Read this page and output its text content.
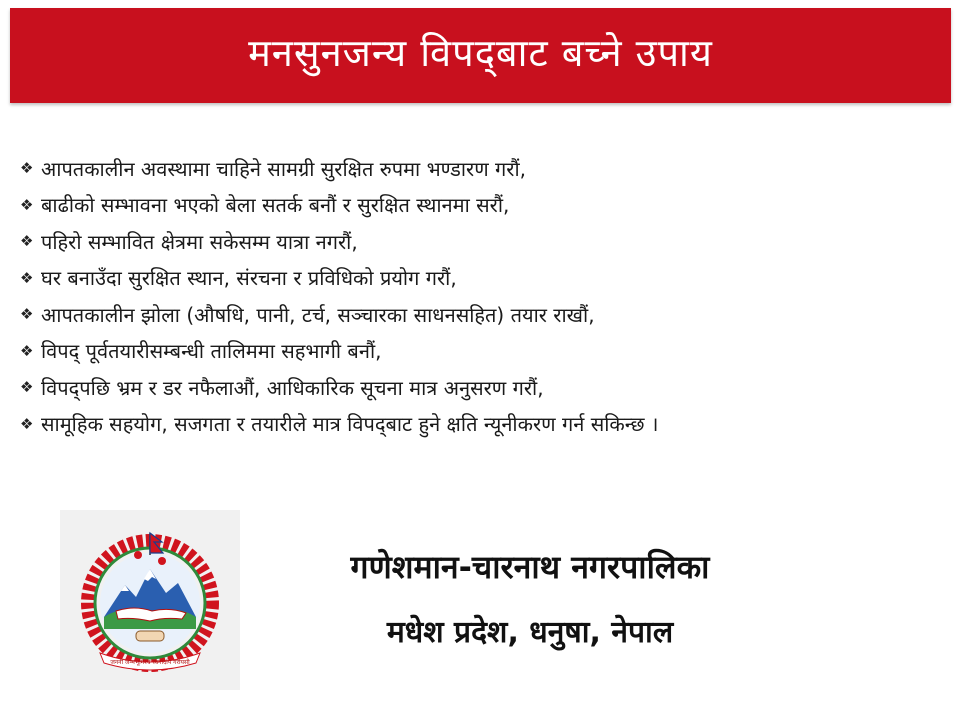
मनसुनजन्य विपद्‌बाट बच्ने उपाय
❖ आपतकालीन अवस्थामा चाहिने सामग्री सुरक्षित रुपमा भण्डारण गरौं,
❖ बाढीको सम्भावना भएको बेला सतर्क बनौं र सुरक्षित स्थानमा सरौं,
❖ पहिरो सम्भावित क्षेत्रमा सकेसम्म यात्रा नगरौं,
❖ घर बनाउँदा सुरक्षित स्थान, संरचना र प्रविधिको प्रयोग गरौं,
❖ आपतकालीन झोला (औषधि, पानी, टर्च, सञ्चारका साधनसहित) तयार राखौं,
❖ विपद्‌ पूर्वतयारीसम्बन्धी तालिममा सहभागी बनौं,
❖ विपद्‌पछि भ्रम र डर नफैलाऔं, आधिकारिक सूचना मात्र अनुसरण गरौं,
❖ सामूहिक सहयोग, सजगता र तयारीले मात्र विपद्‌बाट हुने क्षति न्यूनीकरण गर्न सकिन्छ ।
जननी जन्मभूमिश्च स्वर्गादपि गरीयसी
गणेशमान-चारनाथ नगरपालिका
मधेश प्रदेश, धनुषा, नेपाल
